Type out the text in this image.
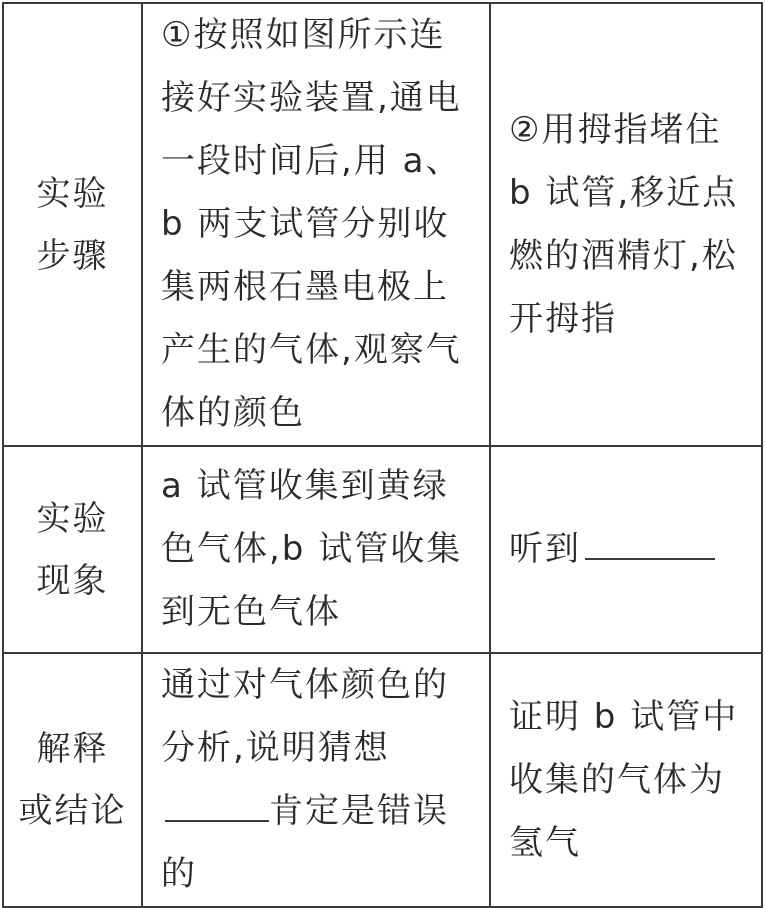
实验
步骤	①按照如图所示连接好实验装置,通电一段时间后,用 a、b 两支试管分别收集两根石墨电极上产生的气体,观察气体的颜色	②用拇指堵住 b 试管,移近点燃的酒精灯,松开拇指

实验
现象	a 试管收集到黄绿色气体,b 试管收集到无色气体	听到

解释
或结论	通过对气体颜色的分析,说明猜想肯定是错误的	证明 b 试管中收集的气体为氢气
